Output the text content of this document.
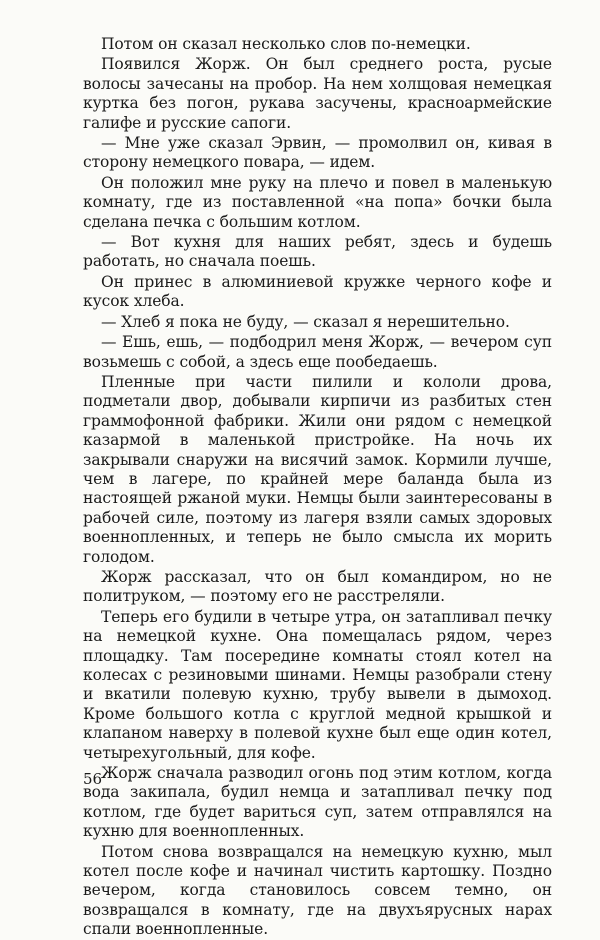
Потом он сказал несколько слов по-немецки.

Появился Жорж. Он был среднего роста, русые волосы зачесаны на пробор. На нем холщовая немецкая куртка без погон, рукава засучены, красноармейские галифе и русские сапоги.

— Мне уже сказал Эрвин, — промолвил он, кивая в сторону немецкого повара, — идем.

Он положил мне руку на плечо и повел в маленькую комнату, где из поставленной «на попа» бочки была сделана печка с большим котлом.

— Вот кухня для наших ребят, здесь и будешь работать, но сначала поешь.

Он принес в алюминиевой кружке черного кофе и кусок хлеба.

— Хлеб я пока не буду, — сказал я нерешительно.

— Ешь, ешь, — подбодрил меня Жорж, — вечером суп возьмешь с собой, а здесь еще пообедаешь.

Пленные при части пилили и кололи дрова, подметали двор, добывали кирпичи из разбитых стен граммофонной фабрики. Жили они рядом с немецкой казармой в маленькой пристройке. На ночь их закрывали снаружи на висячий замок. Кормили лучше, чем в лагере, по крайней мере баланда была из настоящей ржаной муки. Немцы были заинтересованы в рабочей силе, поэтому из лагеря взяли самых здоровых военнопленных, и теперь не было смысла их морить голодом.

Жорж рассказал, что он был командиром, но не политруком, — поэтому его не расстреляли.

Теперь его будили в четыре утра, он затапливал печку на немецкой кухне. Она помещалась рядом, через площадку. Там посередине комнаты стоял котел на колесах с резиновыми шинами. Немцы разобрали стену и вкатили полевую кухню, трубу вывели в дымоход. Кроме большого котла с круглой медной крышкой и клапаном наверху в полевой кухне был еще один котел, четырехугольный, для кофе.

Жорж сначала разводил огонь под этим котлом, когда вода закипала, будил немца и затапливал печку под котлом, где будет вариться суп, затем отправлялся на кухню для военнопленных.

Потом снова возвращался на немецкую кухню, мыл котел после кофе и начинал чистить картошку. Поздно вечером, когда становилось совсем темно, он возвращался в комнату, где на двухъярусных нарах спали военнопленные.

56
